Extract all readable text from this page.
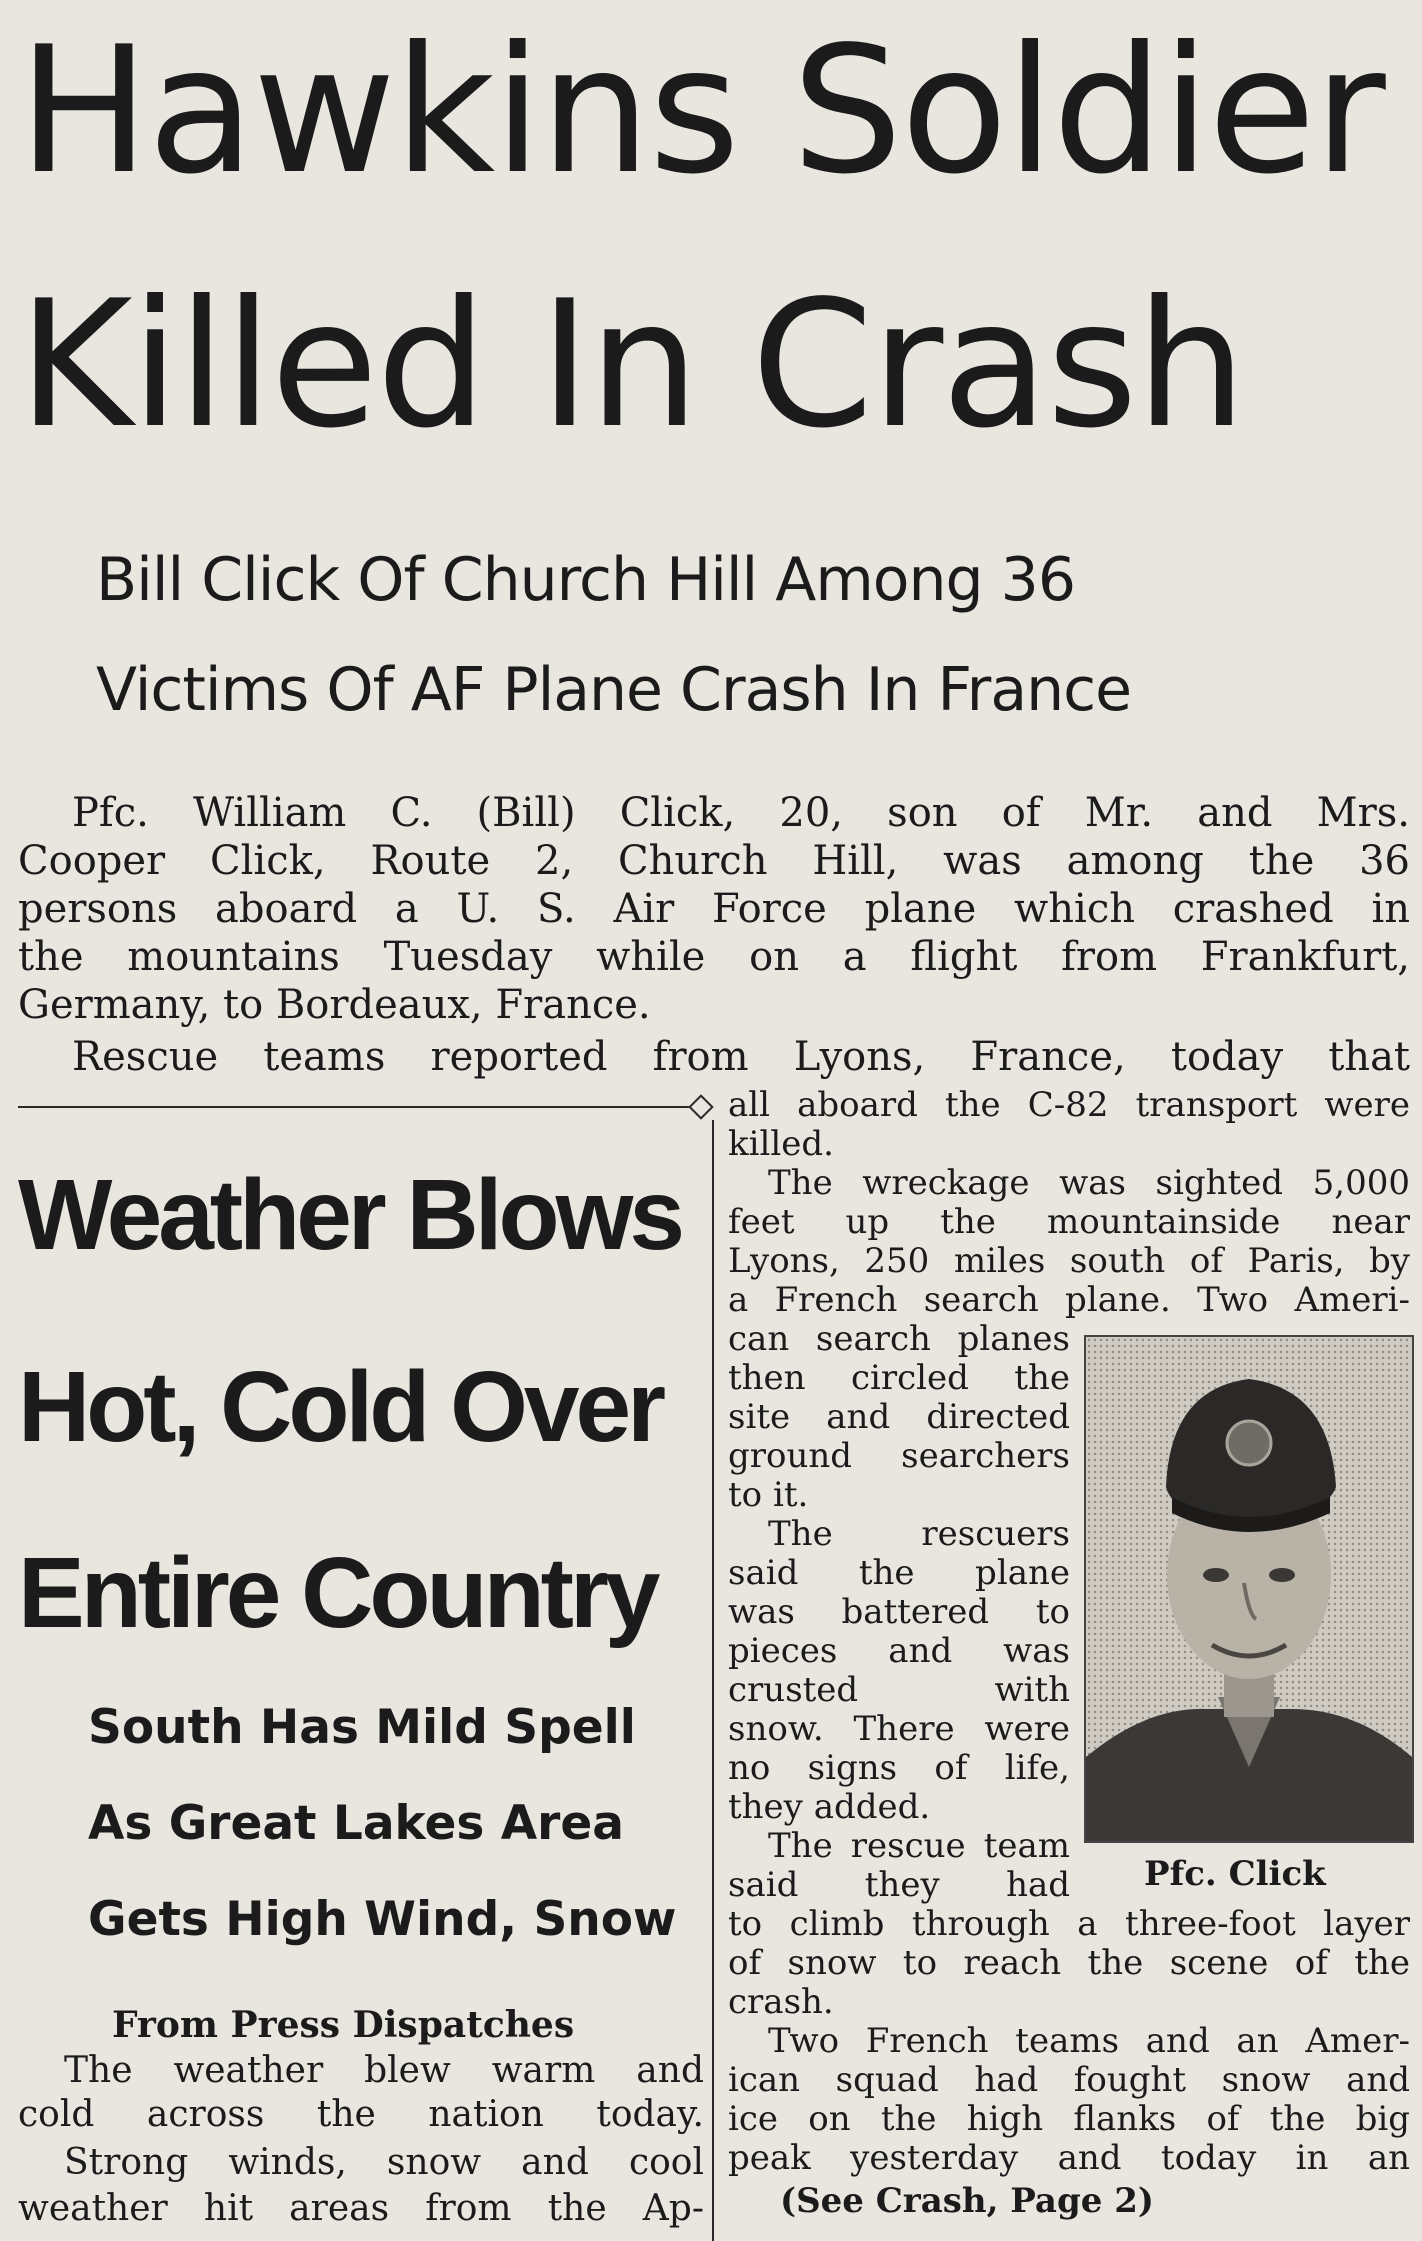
Hawkins Soldier
Killed In Crash
Bill Click Of Church Hill Among 36
Victims Of AF Plane Crash In France
Pfc. William C. (Bill) Click, 20, son of Mr. and Mrs.
Cooper Click, Route 2, Church Hill, was among the 36
persons aboard a U. S. Air Force plane which crashed in
the mountains Tuesday while on a flight from Frankfurt,
Germany, to Bordeaux, France.
Rescue teams reported from Lyons, France, today that
all aboard the C-82 transport were
killed.
The wreckage was sighted 5,000
feet up the mountainside near
Lyons, 250 miles south of Paris, by
a French search plane. Two Ameri-
can search planes
then circled the
site and directed
ground searchers
to it.
The rescuers
said the plane
was battered to
pieces and was
crusted with
snow. There were
no signs of life,
they added.
The rescue team
said they had
to climb through a three-foot layer
of snow to reach the scene of the
crash.
Two French teams and an Amer-
ican squad had fought snow and
ice on the high flanks of the big
peak yesterday and today in an
(See Crash, Page 2)
Pfc. Click
Weather Blows
Hot, Cold Over
Entire Country
South Has Mild Spell
As Great Lakes Area
Gets High Wind, Snow
From Press Dispatches
The weather blew warm and
cold across the nation today.
Strong winds, snow and cool
weather hit areas from the Ap-
